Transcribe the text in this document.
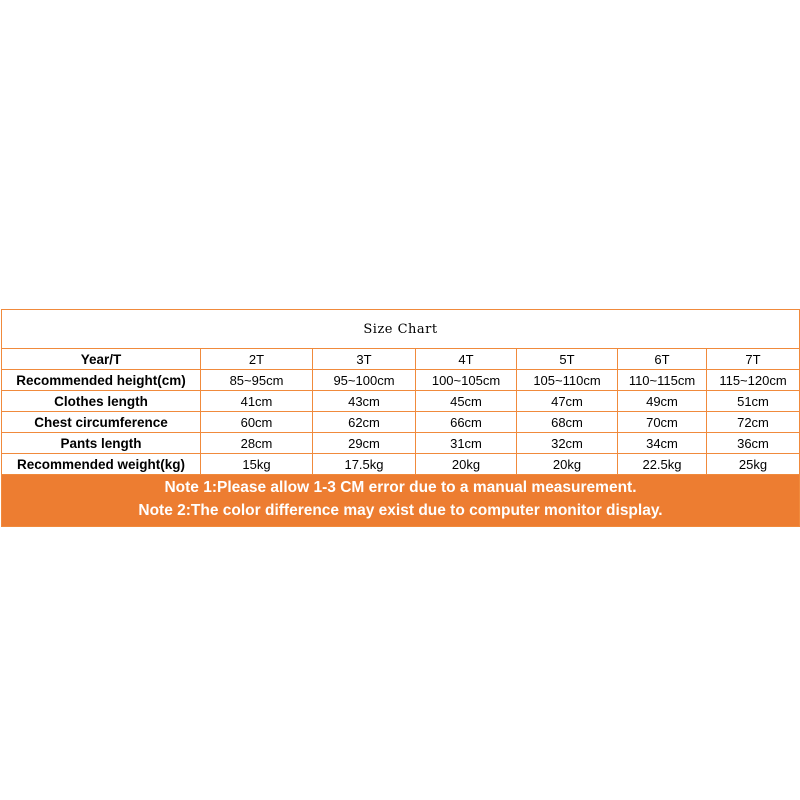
Size Chart						
Year/T	2T	3T	4T	5T	6T	7T
Recommended height(cm)	85~95cm	95~100cm	100~105cm	105~110cm	110~115cm	115~120cm
Clothes length	41cm	43cm	45cm	47cm	49cm	51cm
Chest circumference	60cm	62cm	66cm	68cm	70cm	72cm
Pants length	28cm	29cm	31cm	32cm	34cm	36cm
Recommended weight(kg)	15kg	17.5kg	20kg	20kg	22.5kg	25kg

Note 1:Please allow 1-3 CM error due to a manual measurement.
Note 2:The color difference may exist due to computer monitor display.						
